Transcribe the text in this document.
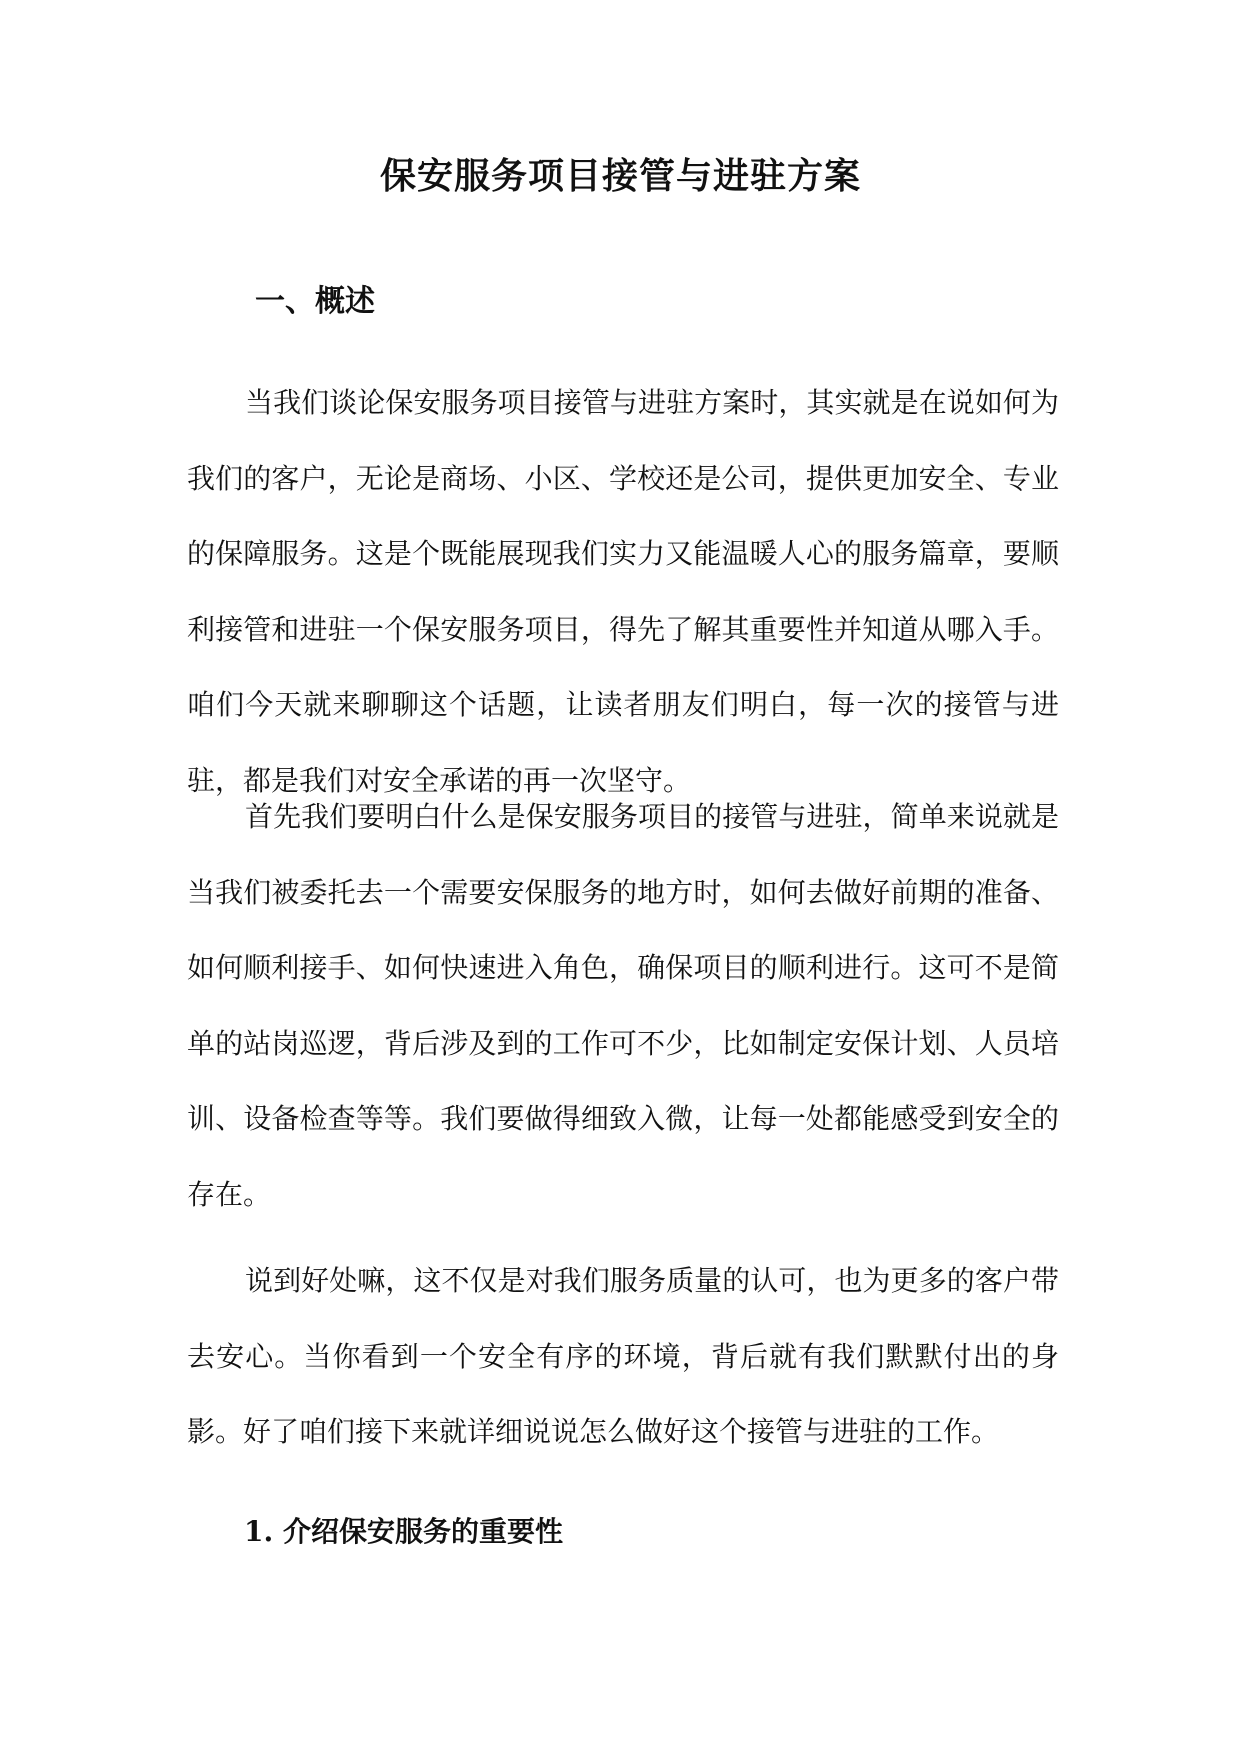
保安服务项目接管与进驻方案
一、概述

当我们谈论保安服务项目接管与进驻方案时，其实就是在说如何为我们的客户，无论是商场、小区、学校还是公司，提供更加安全、专业的保障服务。这是个既能展现我们实力又能温暖人心的服务篇章，要顺利接管和进驻一个保安服务项目，得先了解其重要性并知道从哪入手。咱们今天就来聊聊这个话题，让读者朋友们明白，每一次的接管与进驻，都是我们对安全承诺的再一次坚守。

首先我们要明白什么是保安服务项目的接管与进驻，简单来说就是当我们被委托去一个需要安保服务的地方时，如何去做好前期的准备、如何顺利接手、如何快速进入角色，确保项目的顺利进行。这可不是简单的站岗巡逻，背后涉及到的工作可不少，比如制定安保计划、人员培训、设备检查等等。我们要做得细致入微，让每一处都能感受到安全的存在。

说到好处嘛，这不仅是对我们服务质量的认可，也为更多的客户带去安心。当你看到一个安全有序的环境，背后就有我们默默付出的身影。好了咱们接下来就详细说说怎么做好这个接管与进驻的工作。

1. 介绍保安服务的重要性
